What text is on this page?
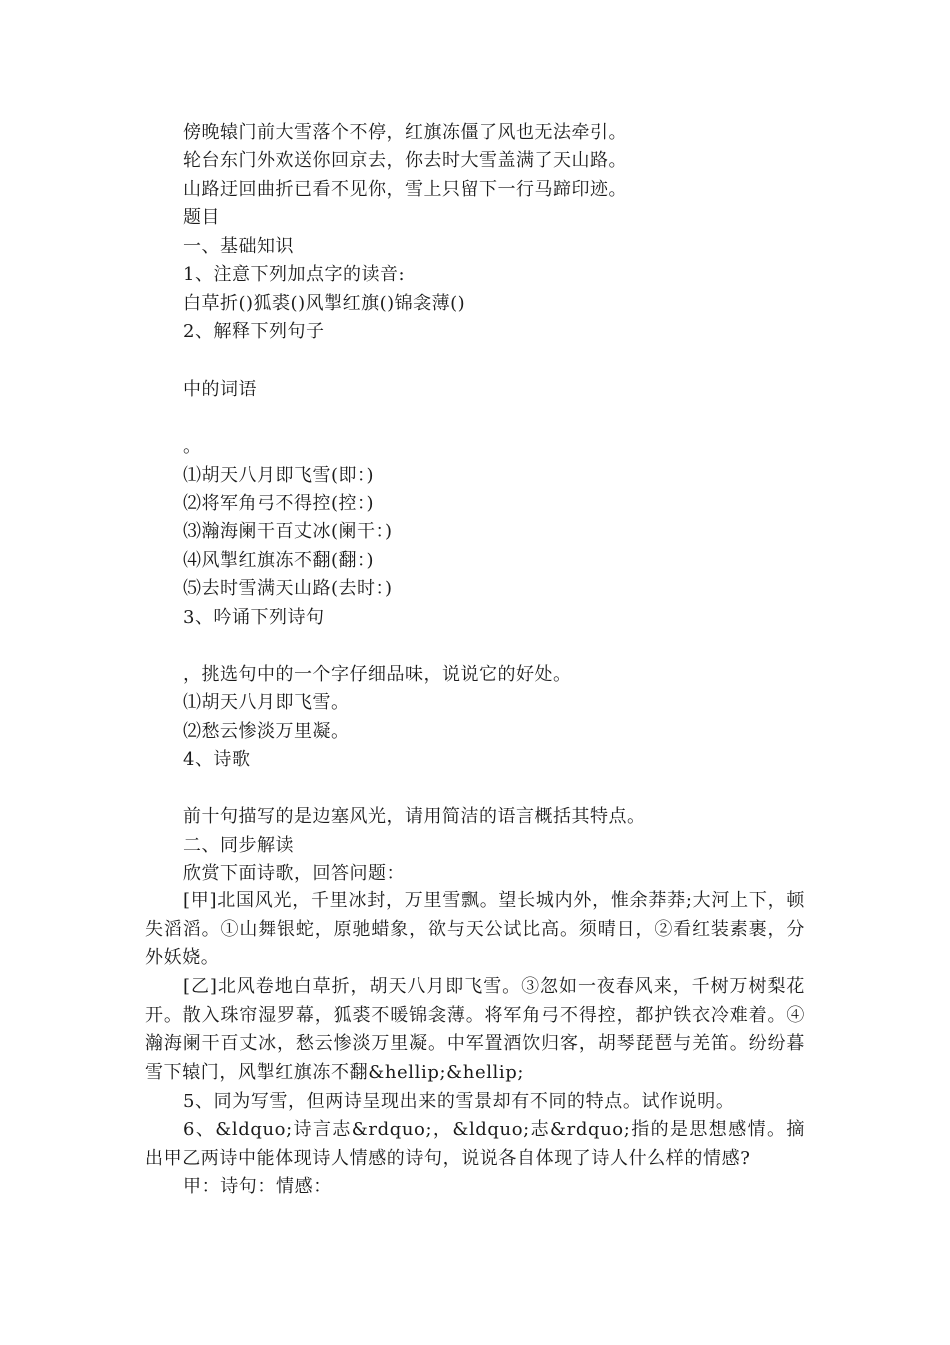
傍晚辕门前大雪落个不停，红旗冻僵了风也无法牵引。
轮台东门外欢送你回京去，你去时大雪盖满了天山路。
山路迂回曲折已看不见你，雪上只留下一行马蹄印迹。
题目
一、基础知识
1、注意下列加点字的读音:
白草折()狐裘()风掣红旗()锦衾薄()
2、解释下列句子
中的词语
。
⑴胡天八月即飞雪(即：)
⑵将军角弓不得控(控：)
⑶瀚海阑干百丈冰(阑干：)
⑷风掣红旗冻不翻(翻：)
⑸去时雪满天山路(去时：)
3、吟诵下列诗句
，挑选句中的一个字仔细品味，说说它的好处。
⑴胡天八月即飞雪。
⑵愁云惨淡万里凝。
4、诗歌
前十句描写的是边塞风光，请用简洁的语言概括其特点。
二、同步解读
欣赏下面诗歌，回答问题：
[甲]北国风光，千里冰封，万里雪飘。望长城内外，惟余莽莽;大河上下，顿失滔滔。①山舞银蛇，原驰蜡象，欲与天公试比高。须晴日，②看红装素裹，分外妖娆。
[乙]北风卷地白草折，胡天八月即飞雪。③忽如一夜春风来，千树万树梨花开。散入珠帘湿罗幕，狐裘不暖锦衾薄。将军角弓不得控，都护铁衣冷难着。④瀚海阑干百丈冰，愁云惨淡万里凝。中军置酒饮归客，胡琴琵琶与羌笛。纷纷暮雪下辕门，风掣红旗冻不翻&hellip;&hellip;
5、同为写雪，但两诗呈现出来的雪景却有不同的特点。试作说明。
6、&ldquo;诗言志&rdquo;，&ldquo;志&rdquo;指的是思想感情。摘出甲乙两诗中能体现诗人情感的诗句，说说各自体现了诗人什么样的情感?
甲：诗句：情感：
